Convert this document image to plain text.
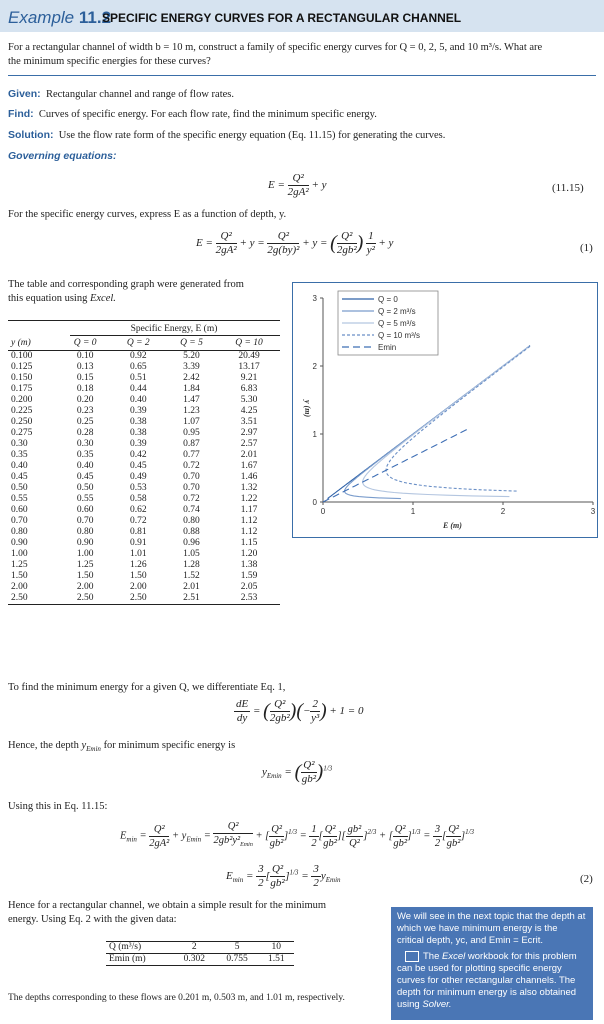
Example 11.2
SPECIFIC ENERGY CURVES FOR A RECTANGULAR CHANNEL
For a rectangular channel of width b = 10 m, construct a family of specific energy curves for Q = 0, 2, 5, and 10 m³/s. What are
the minimum specific energies for these curves?
Given: Rectangular channel and range of flow rates.
Find: Curves of specific energy. For each flow rate, find the minimum specific energy.
Solution: Use the flow rate form of the specific energy equation (Eq. 11.15) for generating the curves.
Governing equations:
$E = \frac{\text{Q²}}{\text{2gA²}} + y$	(11.15)
For the specific energy curves, express E as a function of depth, y.
$E = \frac{\text{Q²}}{\text{2gA²}} + y = \frac{\text{Q²}}{\text{2g(by)²}} + y$ = ( $\frac{\text{Q²}}{\text{2gb²}}$ ) $\frac{1}{\text{y²}} + y$	(1)
The table and corresponding graph were generated from
this equation using Excel.
Specific Energy, E (m)
y (m)	Q = 0	Q = 2	Q = 5	Q = 10
0.100	0.10	0.92	5.20	20.49
0.125	0.13	0.65	3.39	13.17
0.150	0.15	0.51	2.42	9.21
0.175	0.18	0.44	1.84	6.83
0.200	0.20	0.40	1.47	5.30
0.225	0.23	0.39	1.23	4.25
0.250	0.25	0.38	1.07	3.51
0.275	0.28	0.38	0.95	2.97
0.30	0.30	0.39	0.87	2.57
0.35	0.35	0.42	0.77	2.01
0.40	0.40	0.45	0.72	1.67
0.45	0.45	0.49	0.70	1.46
0.50	0.50	0.53	0.70	1.32
0.55	0.55	0.58	0.72	1.22
0.60	0.60	0.62	0.74	1.17
0.70	0.70	0.72	0.80	1.12
0.80	0.80	0.81	0.88	1.12
0.90	0.90	0.91	0.96	1.15
1.00	1.00	1.01	1.05	1.20
1.25	1.25	1.26	1.28	1.38
1.50	1.50	1.50	1.52	1.59
2.00	2.00	2.00	2.01	2.05
2.50	2.50	2.50	2.51	2.53
0	1	2	3
0
1
2
3
E (m)
y (m)
Q = 0
Q = 2 m³/s
Q = 5 m³/s
Q = 10 m³/s
Emin
To find the minimum energy for a given Q, we differentiate Eq. 1,
$\frac{dE}{dy}$ = ( $\frac{\text{Q²}}{\text{2gb²}}$ )(− $\frac{2}{\text{y³}}$ ) + 1 = 0
Hence, the depth $y_{Emin}$ for minimum specific energy is
$y_{Emin}$ = ( $\frac{\text{Q²}}{\text{gb²}} )^{1/3}$
Using this in Eq. 11.15:
$E_{min} = \frac{\text{Q²}}{\text{2gA²}} + y_{Emin} = \frac{\text{Q²}}{2gb^2y^2_{Emin}}$ + [ $\frac{\text{Q²}}{\text{gb²}} ]^{1/3} = \frac{1}{2}$ [ $\frac{\text{Q²}}{\text{gb²}}$ ][ $\frac{\text{gb²}}{\text{Q²}} ]^{2/3}$ + [ $\frac{\text{Q²}}{\text{gb²}} ]^{1/3} = \frac{3}{2}$ [ $\frac{\text{Q²}}{\text{gb²}} ]^{1/3}$
$E_{min} = \frac{3}{2}$ [ $\frac{\text{Q²}}{\text{gb²}} ]^{1/3} = \frac{3}{2} y_{Emin}$	(2)
Hence for a rectangular channel, we obtain a simple result for the minimum
energy. Using Eq. 2 with the given data:
Q (m³/s)	2	5	10
Emin (m)	0.302	0.755	1.51
The depths corresponding to these flows are 0.201 m, 0.503 m, and 1.01 m, respectively.
We will see in the next topic that the depth at which we have minimum energy is the critical depth, yc, and Emin = Ecrit.
The Excel workbook for this problem can be used for plotting specific energy curves for other rectangular channels. The depth for minimum energy is also obtained using Solver.
